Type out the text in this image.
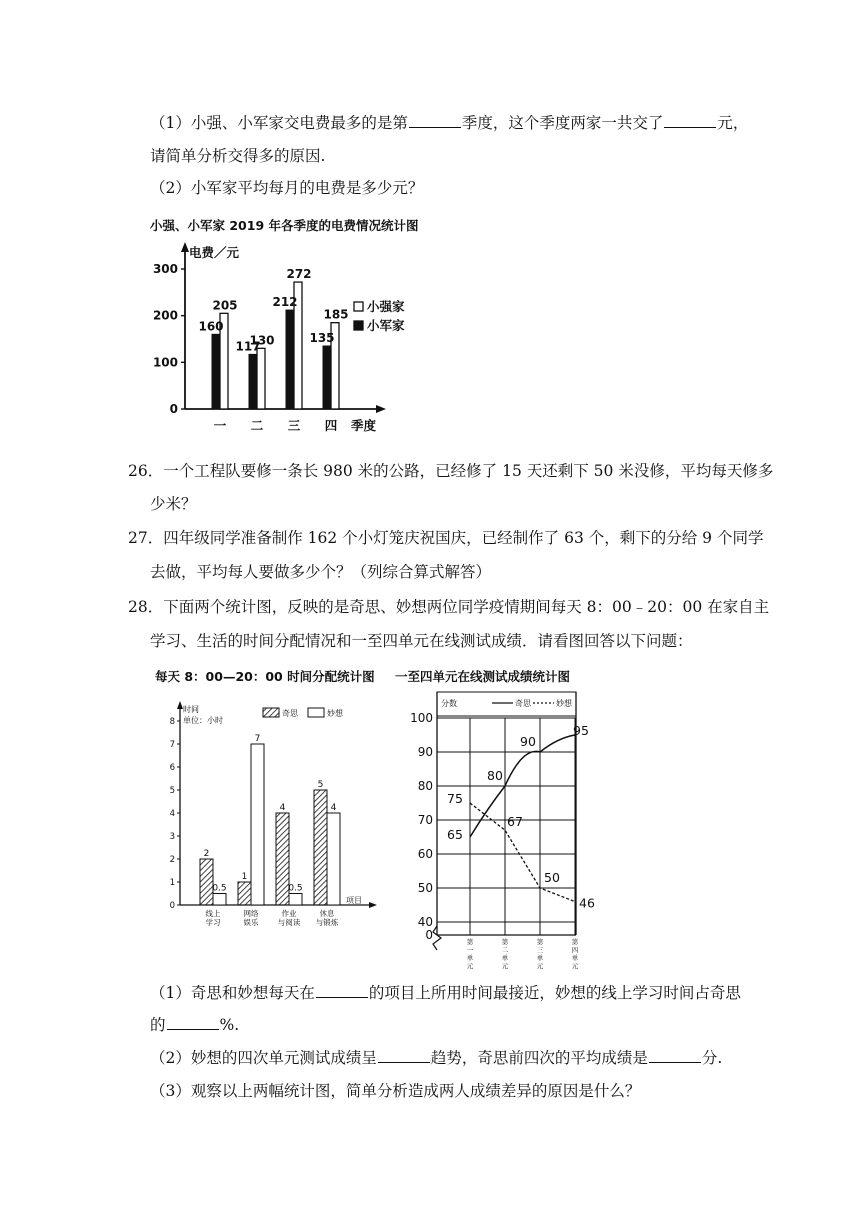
（1）小强、小军家交电费最多的是第	季度，这个季度两家一共交了	元，
请简单分析交得多的原因.
（2）小军家平均每月的电费是多少元？
小强、小军家 2019 年各季度的电费情况统计图
电费／元
季度
0
100
200
300
160
205
一
117
130
二
212
272
三
135
185
四
小强家
小军家
26．一个工程队要修一条长 980 米的公路，已经修了 15 天还剩下 50 米没修，平均每天修多
少米？
27．四年级同学准备制作 162 个小灯笼庆祝国庆，已经制作了 63 个，剩下的分给 9 个同学
去做，平均每人要做多少个？（列综合算式解答）
28．下面两个统计图，反映的是奇思、妙想两位同学疫情期间每天 8：00﹣20：00 在家自主
学习、生活的时间分配情况和一至四单元在线测试成绩．请看图回答以下问题：
每天 8：00—20：00 时间分配统计图
时间
单位：小时
项目
0
1
2
3
4
5
6
7
8
2
0.5
线上
学习
1
7
网络
娱乐
4
0.5
作业
与阅读
5
4
休息
与锻炼
奇思	妙想
一至四单元在线测试成绩统计图
分数	奇思	妙想
0
40
50
60
70
80
90
100
第
一
单
元
第
二
单
元
第
三
单
元
第
四
单
元
65
80
90
95
75
67
50
46
（1）奇思和妙想每天在	的项目上所用时间最接近，妙想的线上学习时间占奇思
的	%.
（2）妙想的四次单元测试成绩呈	趋势，奇思前四次的平均成绩是	分.
（3）观察以上两幅统计图，简单分析造成两人成绩差异的原因是什么？
